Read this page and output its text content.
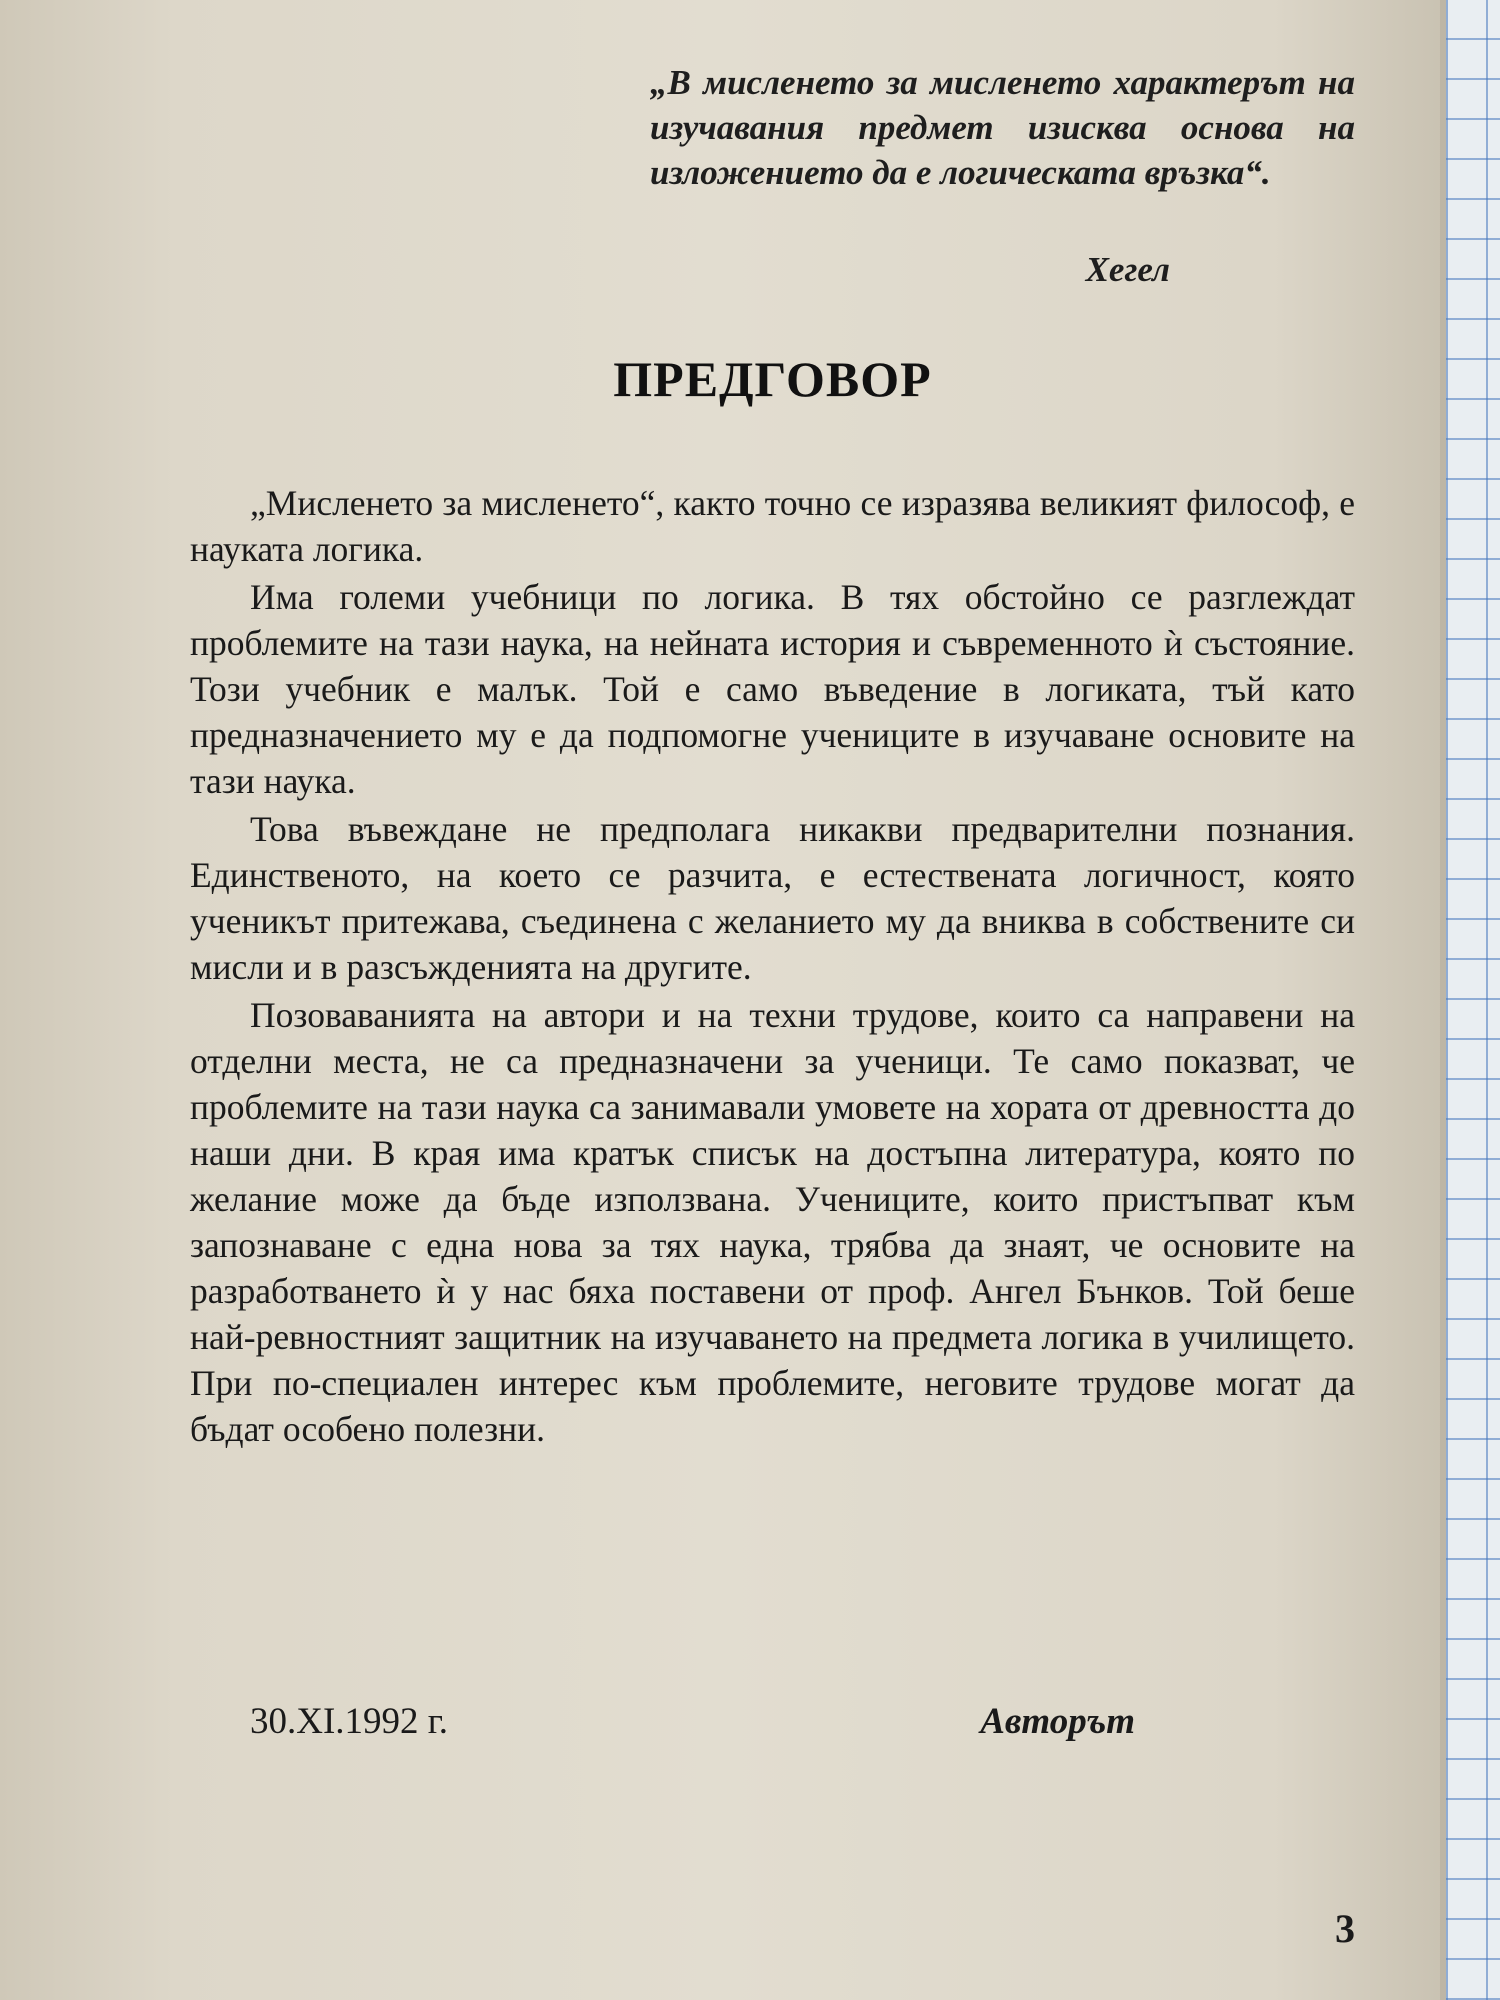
„В мисленето за мисленето характерът на изучавания предмет изисква основа на изложението да е логическата връзка“.
Хегел
ПРЕДГОВОР

„Мисленето за мисленето“, както точно се изразява великият философ, е науката логика.

Има големи учебници по логика. В тях обстойно се разглеждат проблемите на тази наука, на нейната история и съвременното ѝ състояние. Този учебник е малък. Той е само въведение в логиката, тъй като предназначението му е да подпомогне учениците в изучаване основите на тази наука.

Това въвеждане не предполага никакви предварителни познания. Единственото, на което се разчита, е естествената логичност, която ученикът притежава, съединена с желанието му да вниква в собствените си мисли и в разсъжденията на другите.

Позоваванията на автори и на техни трудове, които са направени на отделни места, не са предназначени за ученици. Те само показват, че проблемите на тази наука са занимавали умовете на хората от древността до наши дни. В края има кратък списък на достъпна литература, която по желание може да бъде използвана. Учениците, които пристъпват към запознаване с една нова за тях наука, трябва да знаят, че основите на разработването ѝ у нас бяха поставени от проф. Ангел Бънков. Той беше най-ревностният защитник на изучаването на предмета логика в училището. При по-специален интерес към проблемите, неговите трудове могат да бъдат особено полезни.

30.XI.1992 г.	Авторът
3
